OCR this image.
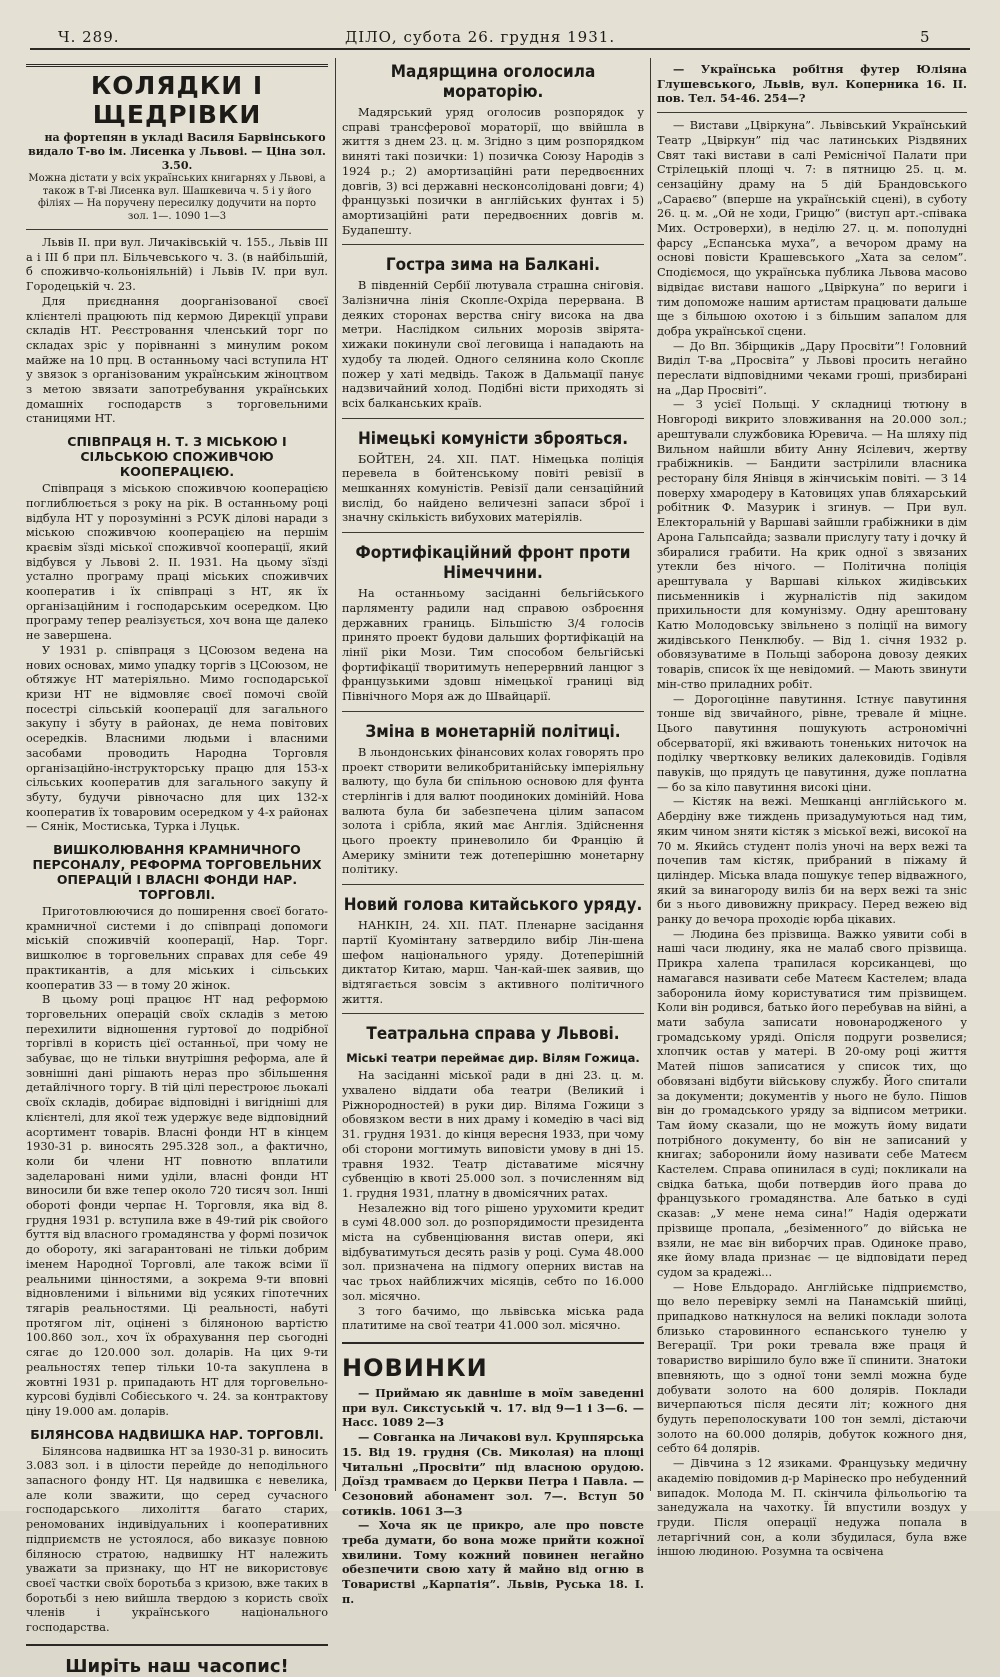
Ч. 289.	ДІЛО, субота 26. грудня 1931.	5
КОЛЯДКИ І ЩЕДРІВКИ

на фортепян в укладі Василя Барвінського видало Т-во ім. Лисенка у Львові. — Ціна зол. 3.50.

Можна дістати у всіх українських книгарнях у Львові, а також в Т-ві Лисенка вул. Шашкевича ч. 5 і у його філіях — На поручену пересилку додучити на порто зол. 1—. 1090 1—3

Львів II. при вул. Личаківській ч. 155., Львів III а і III б при пл. Більчевського ч. 3. (в найбільшій, б споживчо-кольоніяльній) і Львів IV. при вул. Городецькій ч. 23.

Для приєднання доорганізованої своєї клієнтелі працюють під кермою Дирекції управи складів НТ. Реєстровання членський торг по складах зріс у порівнанні з минулим роком майже на 10 прц. В останньому часі вступила НТ у звязок з організованим українським жіноцтвом з метою звязати запотребування українських домашніх господарств з торговельними станицями НТ.

СПІВПРАЦЯ Н. Т. З МІСЬКОЮ І СІЛЬСЬКОЮ СПОЖИВЧОЮ КООПЕРАЦІЄЮ.

Співпраця з міською споживчою кооперацією поглиблюється з року на рік. В останньому році відбула НТ у порозумінні з РСУК ділові наради з міською споживчою кооперацією на першім краєвім зїзді міської споживчої кооперації, який відбувся у Львові 2. II. 1931. На цьому зїзді устално програму праці міських споживчих кооператив і їх співпраці з НТ, як їх організаційним і господарським осередком. Цю програму тепер реалізується, хоч вона ще далеко не завершена.

У 1931 р. співпраця з ЦСоюзом ведена на нових основах, мимо упадку торгів з ЦСоюзом, не обтяжує НТ матеріяльно. Мимо господарської кризи НТ не відмовляє своєї помочі своїй посестрі сільській кооперації для загального закупу і збуту в районах, де нема повітових осередків. Власними людьми і власними засобами проводить Народна Торговля організаційно-інструкторську працю для 153-х сільських кооператив для загального закупу й збуту, будучи рівночасно для цих 132-х кооператив їх товаровим осередком у 4-х районах — Сянік, Мостиська, Турка і Луцьк.

ВИШКОЛЮВАННЯ КРАМНИЧНОГО ПЕРСОНАЛУ, РЕФОРМА ТОРГОВЕЛЬНИХ ОПЕРАЦІЙ І ВЛАСНІ ФОНДИ НАР. ТОРГОВЛІ.

Приготовлюючися до поширення своєї богато-крамничної системи і до співпраці допомоги міській споживчій кооперації, Нар. Торг. вишколює в торговельних справах для себе 49 практикантів, а для міських і сільських кооператив 33 — в тому 20 жінок.

В цьому році працює НТ над реформою торговельних операцій своїх складів з метою перехилити відношення гуртової до подрібної торгівлі в користь цієї останньої, при чому не забуває, що не тільки внутрішня реформа, але й зовнішні дані рішають нераз про збільшення детайлічного торгу. В тій цілі перестроює льокалі своїх складів, добирає відповідні і вигідніші для клієнтелі, для якої теж удержує веде відповідний асортимент товарів. Власні фонди НТ в кінцем 1930-31 р. виносять 295.328 зол., а фактично, коли би члени НТ повнотю вплатили заделаровані ними уділи, власні фонди НТ виносили би вже тепер около 720 тисяч зол. Інші обороті фонди черпає Н. Торговля, яка від 8. грудня 1931 р. вступила вже в 49-тий рік свойого буття від власного громадянства у формі позичок до обороту, які загарантовані не тільки добрим іменем Народної Торговлі, але також всіми її реальними цінностями, а зокрема 9-ти вповні відновленими і вільними від усяких гіпотечних тягарів реальностями. Ці реальності, набуті протягом літ, оцінені з біляноною вартістю 100.860 зол., хоч їх обрахування пер сьогодні сягає до 120.000 зол. доларів. На цих 9-ти реальностях тепер тільки 10-та закуплена в жовтні 1931 р. припадають НТ для торговельно-курсові будівлі Собієського ч. 24. за контрактову ціну 19.000 ам. доларів.

БІЛЯНСОВА НАДВИШКА НАР. ТОРГОВЛІ.

Білянсова надвишка НТ за 1930-31 р. виносить 3.083 зол. і в цілости перейде до неподільного запасного фонду НТ. Ця надвишка є невелика, але коли зважити, що серед сучасного господарського лихоліття багато старих, реномованих індивідуальних і кооперативних підприємств не устоялося, або виказує повною біляносю стратою, надвишку НТ належить уважати за признаку, що НТ не використовує своєї частки своїх боротьба з кризою, вже таких в боротьбі з нею вийшла твердою з користь своїх членів і українського національного господарства.

Ширіть наш часопис!
Мадярщина оголосила мораторію.

Мадярський уряд оголосив розпорядок у справі трансферової мораторії, що ввійшла в життя з днем 23. ц. м. Згідно з цим розпорядком виняті такі позички: 1) позичка Союзу Народів з 1924 р.; 2) амортизаційні рати передвоєнних довгів, 3) всі державні несконсолідовані довги; 4) французькі позички в англійських фунтах і 5) амортизаційні рати передвоєнних довгів м. Будапешту.

Гостра зима на Балкані.

В південній Сербії лютувала страшна сніговія. Залізнична лінія Скоплє-Охріда перервана. В деяких сторонах верства снігу висока на два метри. Наслідком сильних морозів звірята-хижаки покинули свої леговища і нападають на худобу та людей. Одного селянина коло Скоплє пожер у хаті медвідь. Також в Дальмації панує надзвичайний холод. Подібні вісти приходять зі всіх балканських країв.

Німецькі комуністи зброяться.

БОЙТЕН, 24. XII. ПАТ. Німецька поліція перевела в бойтенському повіті ревізії в мешканнях комуністів. Ревізії дали сензаційний вислід, бо найдено величезні запаси зброї і значну скількість вибухових матеріялів.

Фортифікаційний фронт проти Німеччини.

На останньому засіданні бельгійського парляменту радили над справою озброєння державних границь. Більшістю 3/4 голосів принято проект будови дальших фортифікацій на лінії ріки Мози. Тим способом бельгійські фортифікації творитимуть неперервний ланцюг з французькими здовш німецької границі від Північного Моря аж до Швайцарії.

Зміна в монетарній політиці.

В льондонських фінансових колах говорять про проект створити великобританійську імперіяльну валюту, що була би спільною основою для фунта стерлінгів і для валют поодиноких домінійй. Нова валюта була би забезпечена цілим запасом золота і срібла, який має Англія. Здійснення цього проекту приневолило би Францію й Америку змінити теж дотеперішню монетарну політику.

Новий голова китайського уряду.

НАНКІН, 24. XII. ПАТ. Пленарне засідання партії Куомінтану затвердило вибір Лін-шена шефом національного уряду. Дотеперішній диктатор Китаю, марш. Чан-кай-шек заявив, що відтягається зовсім з активного політичного життя.

Театральна справа у Львові.
Міські театри переймає дир. Вілям Гожица.

На засіданні міської ради в дні 23. ц. м. ухвалено віддати оба театри (Великий і Ріжнородностей) в руки дир. Віляма Гожици з обовязком вести в них драму і комедію в часі від 31. грудня 1931. до кінця вересня 1933, при чому обі сторони могтимуть виповісти умову в дні 15. травня 1932. Театр діставатиме місячну субвенцію в квоті 25.000 зол. з почисленням від 1. грудня 1931, платну в двомісячних ратах.

Незалежно від того рішено урухомити кредит в сумі 48.000 зол. до розпорядимости президента міста на субвенціювання вистав опери, які відбуватимуться десять разів у році. Сума 48.000 зол. призначена на підмогу оперних вистав на час трьох найближчих місяців, себто по 16.000 зол. місячно.

З того бачимо, що львівська міська рада платитиме на свої театри 41.000 зол. місячно.

НОВИНКИ

— Приймаю як давніше в моїм заведенні при вул. Сикстуській ч. 17. від 9—1 і 3—6. — Насс. 1089 2—3

— Совганка на Личакові вул. Круппярська 15. Від 19. грудня (Св. Миколая) на площі Читальні „Просвіти” під власною орудою. Доїзд трамваєм до Церкви Петра і Павла. — Сезоновий абонамент зол. 7—. Вступ 50 сотиків. 1061 3—3

— Хоча як це прикро, але про повсте треба думати, бо вона може прийти кожної хвилини. Тому кожний повинен негайно обезпечити свою хату й майно від огню в Товаристві „Карпатія”. Львів, Руська 18. І. п.

— Українська робітня футер Юліяна Глушевського, Львів, вул. Коперника 16. II. пов. Тел. 54-46. 254—?

— Вистави „Цвіркуна”. Львівський Український Театр „Цвіркун” під час латинських Різдвяних Свят такі вистави в салі Реміснічої Палати при Стрілецькій площі ч. 7: в пятницю 25. ц. м. сензаційну драму на 5 дій Брандовського „Сараєво” (вперше на українській сцені), в суботу 26. ц. м. „Ой не ходи, Грицю” (виступ арт.-співака Мих. Островерхи), в неділю 27. ц. м. пополудні фарсу „Еспанська муха”, а вечором драму на основі повісти Крашевського „Хата за селом”. Сподіємося, що українська публика Львова масово відвідає вистави нашого „Цвіркуна” по вериги і тим допоможе нашим артистам працювати дальше ще з більшою охотою і з більшим запалом для добра української сцени.

— До Вп. Збірщиків „Дару Просвіти”! Головний Виділ Т-ва „Просвіта” у Львові просить негайно переслати відповідними чеками гроші, призбирані на „Дар Просвіті”.

— З усієї Польщі. У складниці тютюну в Новгороді викрито зловживання на 20.000 зол.; арештували службовика Юревича. — На шляху під Вильном найшли вбиту Анну Ясілевич, жертву грабіжників. — Бандити застрілили власника ресторану біля Янівця в жінчиськім повіті. — З 14 поверху хмародеру в Катовицях упав бляхарський робітник Ф. Мазурик і згинув. — При вул. Електоральній у Варшаві зайшли грабіжники в дім Арона Гальпсайда; зазвали прислугу тату і дочку й збиралися грабити. На крик одної з звязаних утекли без нічого. — Політична поліція арештувала у Варшаві кількох жидівських письменників і журналістів під закидом прихильности для комунізму. Одну арештовану Катю Молодовську звільнено з поліції на вимогу жидівського Пенклюбу. — Від 1. січня 1932 р. обовязуватиме в Польщі заборона довозу деяких товарів, список їх ще невідомий. — Мають звинути мін-ство приладних робіт.

— Дорогоцінне павутиння. Істнує павутиння тонше від звичайного, рівне, тревале й міцне. Цього павутиння пошукують астрономічні обсерваторії, які вживають тоненьких ниточок на поділку чвертковку великих далековидів. Годівля павуків, що прядуть це павутиння, дуже поплатна — бо за кіло павутиння високі ціни.

— Кістяк на вежі. Мешканці англійського м. Абердіну вже тиждень призадумуються над тим, яким чином зняти кістяк з міської вежі, високої на 70 м. Якийсь студент поліз уночі на верх вежі та почепив там кістяк, прибраний в піжаму й циліндер. Міська влада пошукує тепер відважного, який за винагороду виліз би на верх вежі та зніс би з нього дивовижну прикрасу. Перед вежею від ранку до вечора проходіє юрба цікавих.

— Людина без прізвища. Важко уявити собі в наші часи людину, яка не малаб свого прізвища. Прикра халепа трапилася корсиканцеві, що намагався називати себе Матеєм Кастелем; влада заборонила йому користуватися тим прізвищем. Коли він родився, батько його перебував на війні, а мати забула записати новонародженого у громадському уряді. Опісля подруги розвелися; хлопчик остав у матері. В 20-ому році життя Матей пішов записатися у список тих, що обовязані відбути військову службу. Його спитали за документи; документів у нього не було. Пішов він до громадського уряду за відписом метрики. Там йому сказали, що не можуть йому видати потрібного документу, бо він не записаний у книгах; заборонили йому називати себе Матеєм Кастелем. Справа опинилася в суді; покликали на свідка батька, щоби потвердив його права до французького громадянства. Але батько в суді сказав: „У мене нема сина!” Надія одержати прізвище пропала, „безіменного” до війська не взяли, не має він виборчих прав. Одиноке право, яке йому влада признає — це відповідати перед судом за крадежі...

— Нове Ельдорадо. Англійське підприємство, що вело перевірку землі на Панамській шийці, припадково наткнулося на великі поклади золота близько старовинного еспанського тунелю у Вегерації. Три роки тревала вже праця й товариство вирішило було вже її спинити. Знатоки впевняють, що з одної тони землі можна буде добувати золото на 600 долярів. Поклади вичерпаються після десяти літ; кожного дня будуть переполоскувати 100 тон землі, дістаючи золото на 60.000 долярів, добуток кожного дня, себто 64 долярів.

— Дівчина з 12 язиками. Французьку медичну академію повідомив д-р Марінеско про небуденний випадок. Молода М. П. скінчила фільольогію та занедужала на чахотку. Їй впустили воздух у груди. Після операції недужа попала в летаргічний сон, а коли збудилася, була вже іншою людиною. Розумна та освічена
